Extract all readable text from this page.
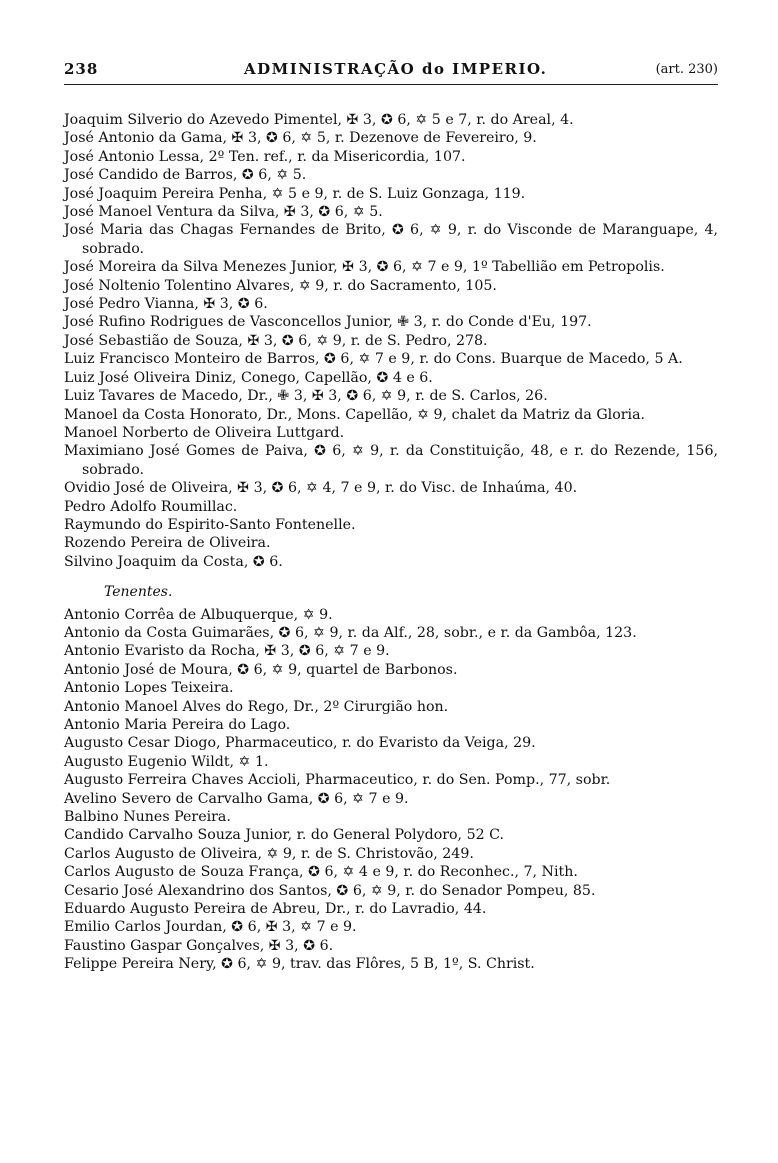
238	ADMINISTRAÇÃO do IMPERIO.	(art. 230)
Joaquim Silverio do Azevedo Pimentel, ✠ 3, ✪ 6, ✡ 5 e 7, r. do Areal, 4.
José Antonio da Gama, ✠ 3, ✪ 6, ✡ 5, r. Dezenove de Fevereiro, 9.
José Antonio Lessa, 2º Ten. ref., r. da Misericordia, 107.
José Candido de Barros, ✪ 6, ✡ 5.
José Joaquim Pereira Penha, ✡ 5 e 9, r. de S. Luiz Gonzaga, 119.
José Manoel Ventura da Silva, ✠ 3, ✪ 6, ✡ 5.
José Maria das Chagas Fernandes de Brito, ✪ 6, ✡ 9, r. do Visconde de Maranguape, 4, sobrado.
José Moreira da Silva Menezes Junior, ✠ 3, ✪ 6, ✡ 7 e 9, 1º Tabellião em Petropolis.
José Noltenio Tolentino Alvares, ✡ 9, r. do Sacramento, 105.
José Pedro Vianna, ✠ 3, ✪ 6.
José Rufino Rodrigues de Vasconcellos Junior, ✙ 3, r. do Conde d'Eu, 197.
José Sebastião de Souza, ✠ 3, ✪ 6, ✡ 9, r. de S. Pedro, 278.
Luiz Francisco Monteiro de Barros, ✪ 6, ✡ 7 e 9, r. do Cons. Buarque de Macedo, 5 A.
Luiz José Oliveira Diniz, Conego, Capellão, ✪ 4 e 6.
Luiz Tavares de Macedo, Dr., ✙ 3, ✠ 3, ✪ 6, ✡ 9, r. de S. Carlos, 26.
Manoel da Costa Honorato, Dr., Mons. Capellão, ✡ 9, chalet da Matriz da Gloria.
Manoel Norberto de Oliveira Luttgard.
Maximiano José Gomes de Paiva, ✪ 6, ✡ 9, r. da Constituição, 48, e r. do Rezende, 156, sobrado.
Ovidio José de Oliveira, ✠ 3, ✪ 6, ✡ 4, 7 e 9, r. do Visc. de Inhaúma, 40.
Pedro Adolfo Roumillac.
Raymundo do Espirito-Santo Fontenelle.
Rozendo Pereira de Oliveira.
Silvino Joaquim da Costa, ✪ 6.
Tenentes.
Antonio Corrêa de Albuquerque, ✡ 9.
Antonio da Costa Guimarães, ✪ 6, ✡ 9, r. da Alf., 28, sobr., e r. da Gambôa, 123.
Antonio Evaristo da Rocha, ✠ 3, ✪ 6, ✡ 7 e 9.
Antonio José de Moura, ✪ 6, ✡ 9, quartel de Barbonos.
Antonio Lopes Teixeira.
Antonio Manoel Alves do Rego, Dr., 2º Cirurgião hon.
Antonio Maria Pereira do Lago.
Augusto Cesar Diogo, Pharmaceutico, r. do Evaristo da Veiga, 29.
Augusto Eugenio Wildt, ✡ 1.
Augusto Ferreira Chaves Accioli, Pharmaceutico, r. do Sen. Pomp., 77, sobr.
Avelino Severo de Carvalho Gama, ✪ 6, ✡ 7 e 9.
Balbino Nunes Pereira.
Candido Carvalho Souza Junior, r. do General Polydoro, 52 C.
Carlos Augusto de Oliveira, ✡ 9, r. de S. Christovão, 249.
Carlos Augusto de Souza França, ✪ 6, ✡ 4 e 9, r. do Reconhec., 7, Nith.
Cesario José Alexandrino dos Santos, ✪ 6, ✡ 9, r. do Senador Pompeu, 85.
Eduardo Augusto Pereira de Abreu, Dr., r. do Lavradio, 44.
Emilio Carlos Jourdan, ✪ 6, ✠ 3, ✡ 7 e 9.
Faustino Gaspar Gonçalves, ✠ 3, ✪ 6.
Felippe Pereira Nery, ✪ 6, ✡ 9, trav. das Flôres, 5 B, 1º, S. Christ.
